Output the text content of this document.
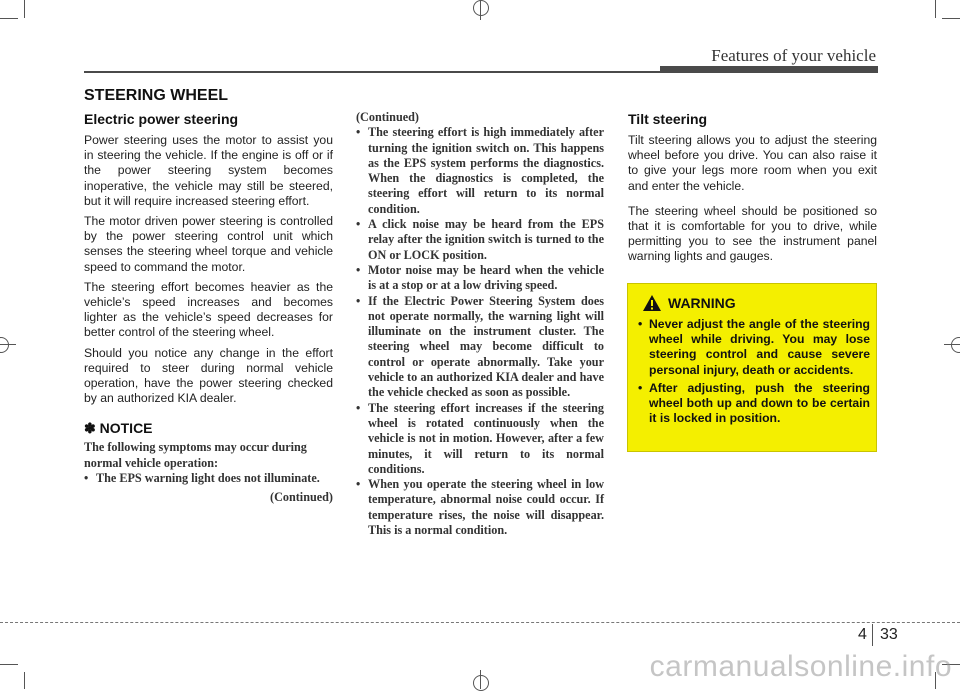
Features of your vehicle
STEERING WHEEL
Electric power steering

Power steering uses the motor to assist you in steering the vehicle. If the engine is off or if the power steering system becomes inoperative, the vehicle may still be steered, but it will require increased steering effort.

The motor driven power steering is controlled by the power steering control unit which senses the steering wheel torque and vehicle speed to command the motor.

The steering effort becomes heavier as the vehicle’s speed increases and becomes lighter as the vehicle’s speed decreases for better control of the steering wheel.

Should you notice any change in the effort required to steer during normal vehicle operation, have the power steering checked by an authorized KIA dealer.

✽ NOTICE
The following symptoms may occur during normal vehicle operation:
• The EPS warning light does not illuminate.
(Continued)
(Continued)
• The steering effort is high immediately after turning the ignition switch on. This happens as the EPS system performs the diagnostics. When the diagnostics is completed, the steering effort will return to its normal condition.
• A click noise may be heard from the EPS relay after the ignition switch is turned to the ON or LOCK position.
• Motor noise may be heard when the vehicle is at a stop or at a low driving speed.
• If the Electric Power Steering System does not operate normally, the warning light will illuminate on the instrument cluster. The steering wheel may become difficult to control or operate abnormally. Take your vehicle to an authorized KIA dealer and have the vehicle checked as soon as possible.
• The steering effort increases if the steering wheel is rotated continuously when the vehicle is not in motion. However, after a few minutes, it will return to its normal conditions.
• When you operate the steering wheel in low temperature, abnormal noise could occur. If temperature rises, the noise will disappear. This is a normal condition.
Tilt steering

Tilt steering allows you to adjust the steering wheel before you drive. You can also raise it to give your legs more room when you exit and enter the vehicle.

The steering wheel should be positioned so that it is comfortable for you to drive, while permitting you to see the instrument panel warning lights and gauges.

WARNING
• Never adjust the angle of the steering wheel while driving. You may lose steering control and cause severe personal injury, death or accidents.
• After adjusting, push the steering wheel both up and down to be certain it is locked in position.
4 33
carmanualsonline.info
